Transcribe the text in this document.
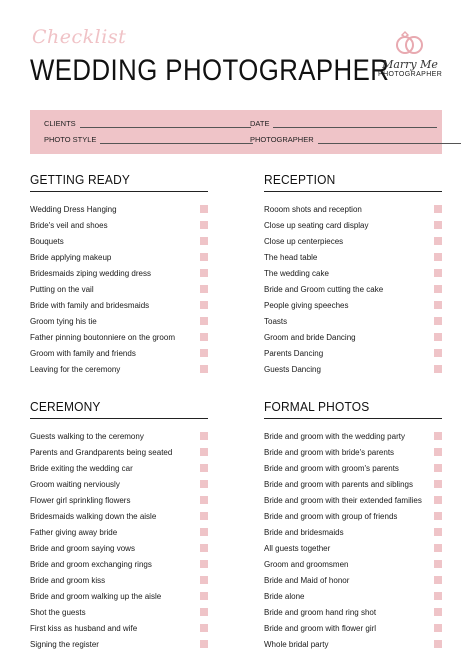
Checklist
WEDDING PHOTOGRAPHER
Marry Me
PHOTOGRAPHER
CLIENTS	DATE
PHOTO STYLE	PHOTOGRAPHER
GETTING READY
Wedding Dress Hanging
Bride's veil and shoes
Bouquets
Bride applying makeup
Bridesmaids ziping wedding dress
Putting on the vail
Bride with family and bridesmaids
Groom tying his tie
Father pinning boutonniere on the groom
Groom with family and friends
Leaving for the ceremony
RECEPTION
Rooom shots and reception
Close up seating card display
Close up centerpieces
The head table
The wedding cake
Bride and Groom cutting the cake
People giving speeches
Toasts
Groom and bride Dancing
Parents Dancing
Guests Dancing
CEREMONY
Guests walking to the ceremony
Parents and Grandparents being seated
Bride exiting the wedding car
Groom waiting nerviously
Flower girl sprinkling flowers
Bridesmaids walking down the aisle
Father giving away bride
Bride and groom saying vows
Bride and groom exchanging rings
Bride and groom kiss
Bride and groom walking up the aisle
Shot the guests
First kiss as husband and wife
Signing the register
FORMAL PHOTOS
Bride and groom with the wedding party
Bride and groom with bride's parents
Bride and groom with groom's parents
Bride and groom with parents and siblings
Bride and groom with their extended families
Bride and groom with group of friends
Bride and bridesmaids
All guests together
Groom and groomsmen
Bride and Maid of honor
Bride alone
Bride and groom hand ring shot
Bride and groom with flower girl
Whole bridal party
